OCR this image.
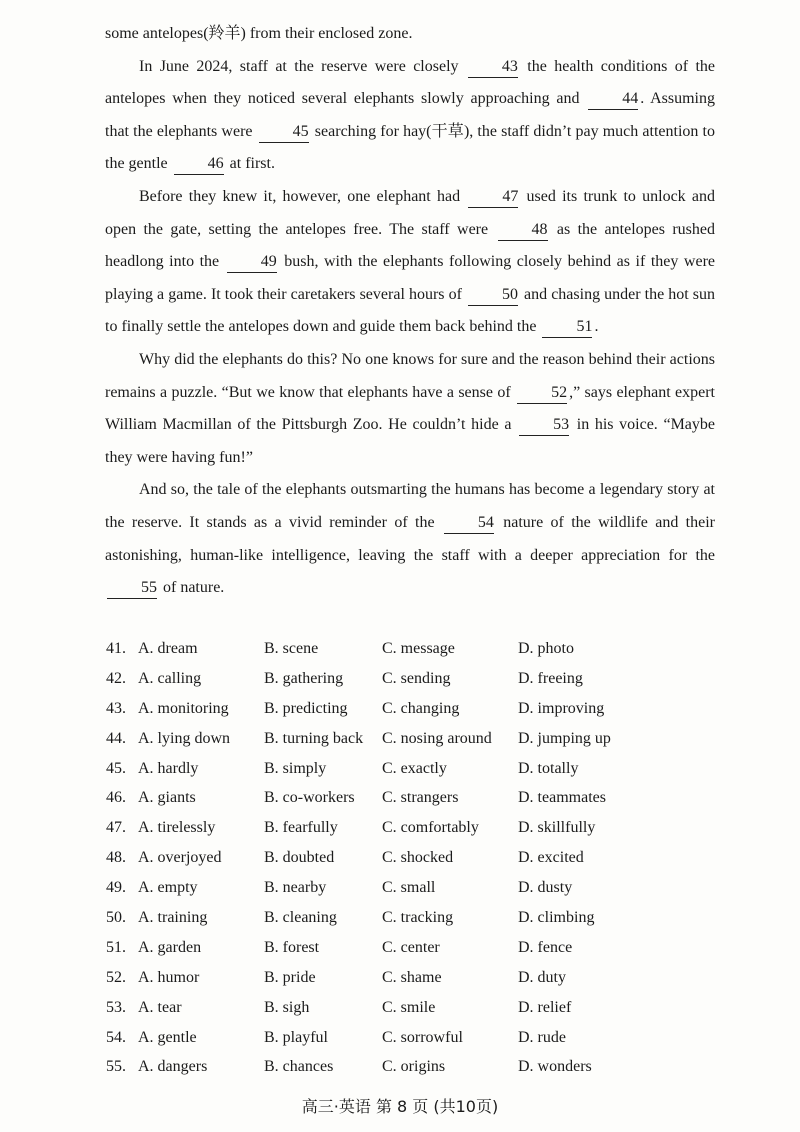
some antelopes(羚羊) from their enclosed zone.

In June 2024, staff at the reserve were closely 43 the health conditions of the antelopes when they noticed several elephants slowly approaching and 44 . Assuming that the elephants were 45 searching for hay(干草), the staff didn’t pay much attention to the gentle 46 at first.

Before they knew it, however, one elephant had 47 used its trunk to unlock and open the gate, setting the antelopes free. The staff were 48 as the antelopes rushed headlong into the 49 bush, with the elephants following closely behind as if they were playing a game. It took their caretakers several hours of 50 and chasing under the hot sun to finally settle the antelopes down and guide them back behind the 51 .

Why did the elephants do this? No one knows for sure and the reason behind their actions remains a puzzle. “But we know that elephants have a sense of 52 ,” says elephant expert William Macmillan of the Pittsburgh Zoo. He couldn’t hide a 53 in his voice. “Maybe they were having fun!”

And so, the tale of the elephants outsmarting the humans has become a legendary story at the reserve. It stands as a vivid reminder of the 54 nature of the wildlife and their astonishing, human-like intelligence, leaving the staff with a deeper appreciation for the 55 of nature.

41. A. dream	B. scene	C. message	D. photo
42. A. calling	B. gathering C. sending	D. freeing
43. A. monitoring B. predicting C. changing	D. improving
44. A. lying down B. turning back C. nosing around D. jumping up
45. A. hardly	B. simply	C. exactly	D. totally
46. A. giants	B. co-workers C. strangers	D. teammates
47. A. tirelessly	B. fearfully	C. comfortably D. skillfully
48. A. overjoyed	B. doubted	C. shocked	D. excited
49. A. empty	B. nearby	C. small	D. dusty
50. A. training	B. cleaning	C. tracking	D. climbing
51. A. garden	B. forest	C. center	D. fence
52. A. humor	B. pride	C. shame	D. duty
53. A. tear	B. sigh	C. smile	D. relief
54. A. gentle	B. playful	C. sorrowful	D. rude
55. A. dangers	B. chances	C. origins	D. wonders
高三·英语 第 8 页 (共10页)
